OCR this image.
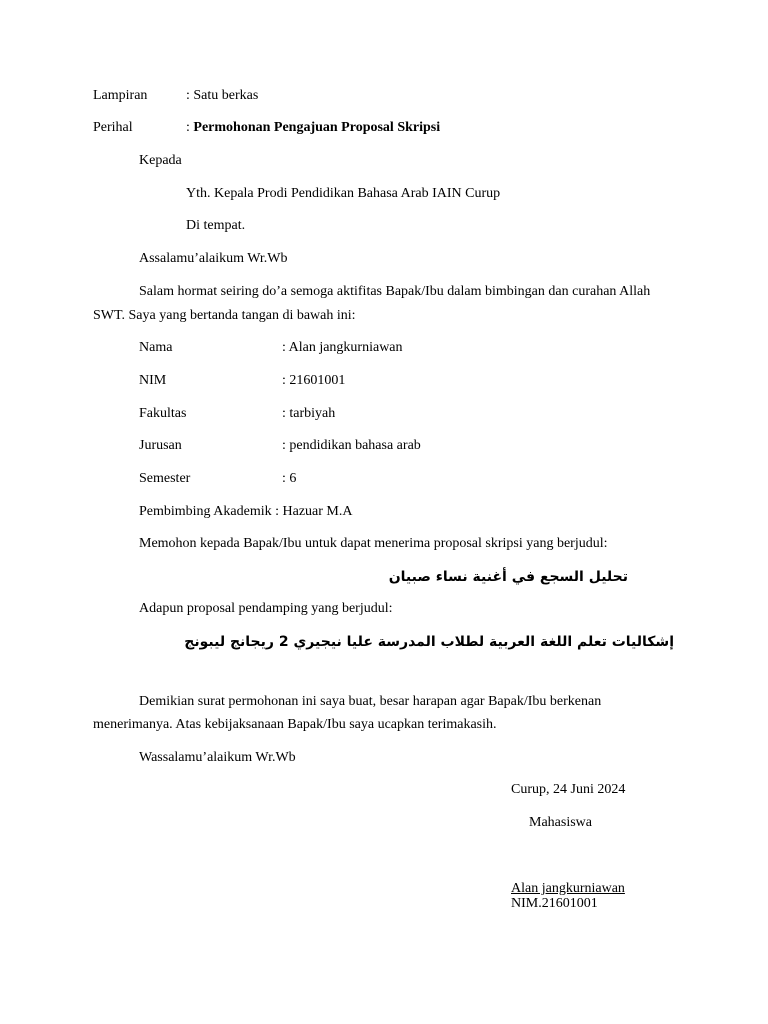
Lampiran	: Satu berkas
Perihal	: Permohonan Pengajuan Proposal Skripsi
Kepada
Yth. Kepala Prodi Pendidikan Bahasa Arab IAIN Curup
Di tempat.
Assalamu’alaikum Wr.Wb
Salam hormat seiring do’a semoga aktifitas Bapak/Ibu dalam bimbingan dan curahan Allah
SWT. Saya yang bertanda tangan di bawah ini:
Nama	: Alan jangkurniawan
NIM	: 21601001
Fakultas	: tarbiyah
Jurusan	: pendidikan bahasa arab
Semester	: 6
Pembimbing Akademik : Hazuar M.A
Memohon kepada Bapak/Ibu untuk dapat menerima proposal skripsi yang berjudul:
تحليل السجع في أغنية نساء صبيان
Adapun proposal pendamping yang berjudul:
إشكاليات تعلم اللغة العربية لطلاب المدرسة عليا نيجيري 2 ريجانج ليبونج
Demikian surat permohonan ini saya buat, besar harapan agar Bapak/Ibu berkenan
menerimanya. Atas kebijaksanaan Bapak/Ibu saya ucapkan terimakasih.
Wassalamu’alaikum Wr.Wb
Curup, 24 Juni 2024
Mahasiswa
Alan jangkurniawan
NIM.21601001
